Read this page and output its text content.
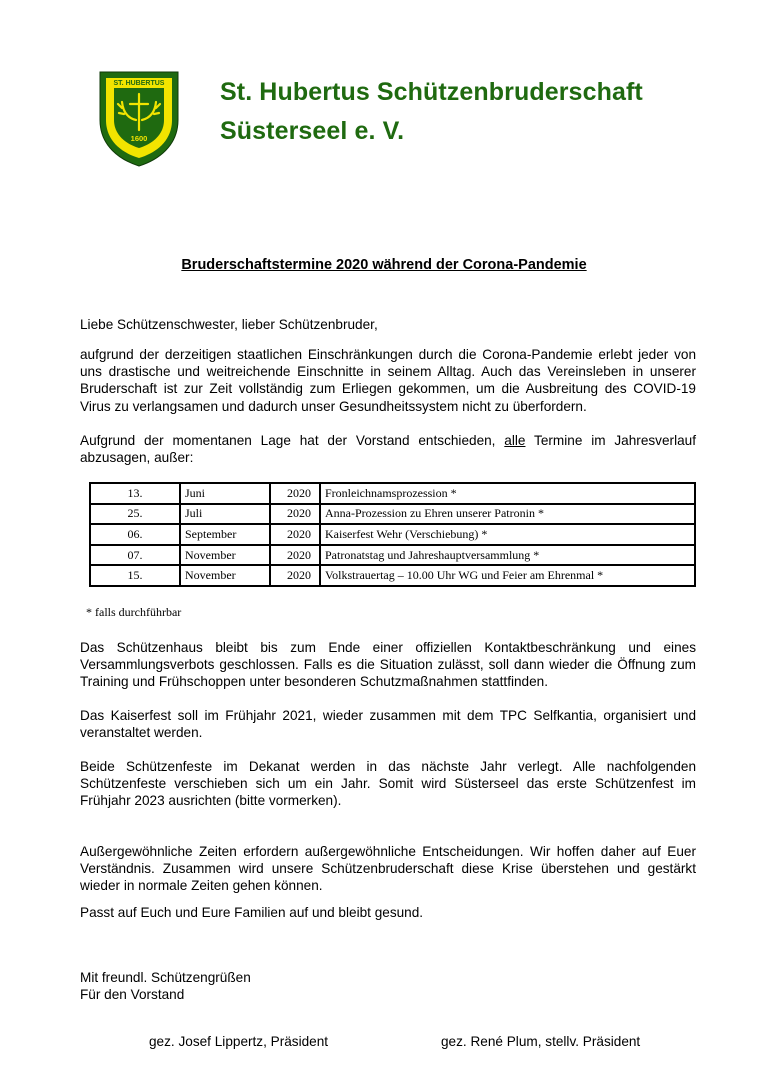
ST. HUBERTUS
1600
St. Hubertus Schützenbruderschaft
Süsterseel e. V.
Bruderschaftstermine 2020 während der Corona-Pandemie

Liebe Schützenschwester, lieber Schützenbruder,

aufgrund der derzeitigen staatlichen Einschränkungen durch die Corona-Pandemie erlebt jeder von uns drastische und weitreichende Einschnitte in seinem Alltag. Auch das Vereinsleben in unserer Bruderschaft ist zur Zeit vollständig zum Erliegen gekommen, um die Ausbreitung des COVID-19 Virus zu verlangsamen und dadurch unser Gesundheitssystem nicht zu überfordern.

Aufgrund der momentanen Lage hat der Vorstand entschieden, alle Termine im Jahresverlauf abzusagen, außer:

13.	Juni	2020	Fronleichnamsprozession *
25.	Juli	2020	Anna-Prozession zu Ehren unserer Patronin *
06.	September	2020	Kaiserfest Wehr (Verschiebung) *
07.	November	2020	Patronatstag und Jahreshauptversammlung *
15.	November	2020	Volkstrauertag – 10.00 Uhr WG und Feier am Ehrenmal *
* falls durchführbar

Das Schützenhaus bleibt bis zum Ende einer offiziellen Kontaktbeschränkung und eines Versammlungsverbots geschlossen. Falls es die Situation zulässt, soll dann wieder die Öffnung zum Training und Frühschoppen unter besonderen Schutzmaßnahmen stattfinden.

Das Kaiserfest soll im Frühjahr 2021, wieder zusammen mit dem TPC Selfkantia, organisiert und veranstaltet werden.

Beide Schützenfeste im Dekanat werden in das nächste Jahr verlegt. Alle nachfolgenden Schützenfeste verschieben sich um ein Jahr. Somit wird Süsterseel das erste Schützenfest im Frühjahr 2023 ausrichten (bitte vormerken).

Außergewöhnliche Zeiten erfordern außergewöhnliche Entscheidungen. Wir hoffen daher auf Euer Verständnis. Zusammen wird unsere Schützenbruderschaft diese Krise überstehen und gestärkt wieder in normale Zeiten gehen können.

Passt auf Euch und Eure Familien auf und bleibt gesund.

Mit freundl. Schützengrüßen

Für den Vorstand

gez. Josef Lippertz, Präsident	gez. René Plum, stellv. Präsident
